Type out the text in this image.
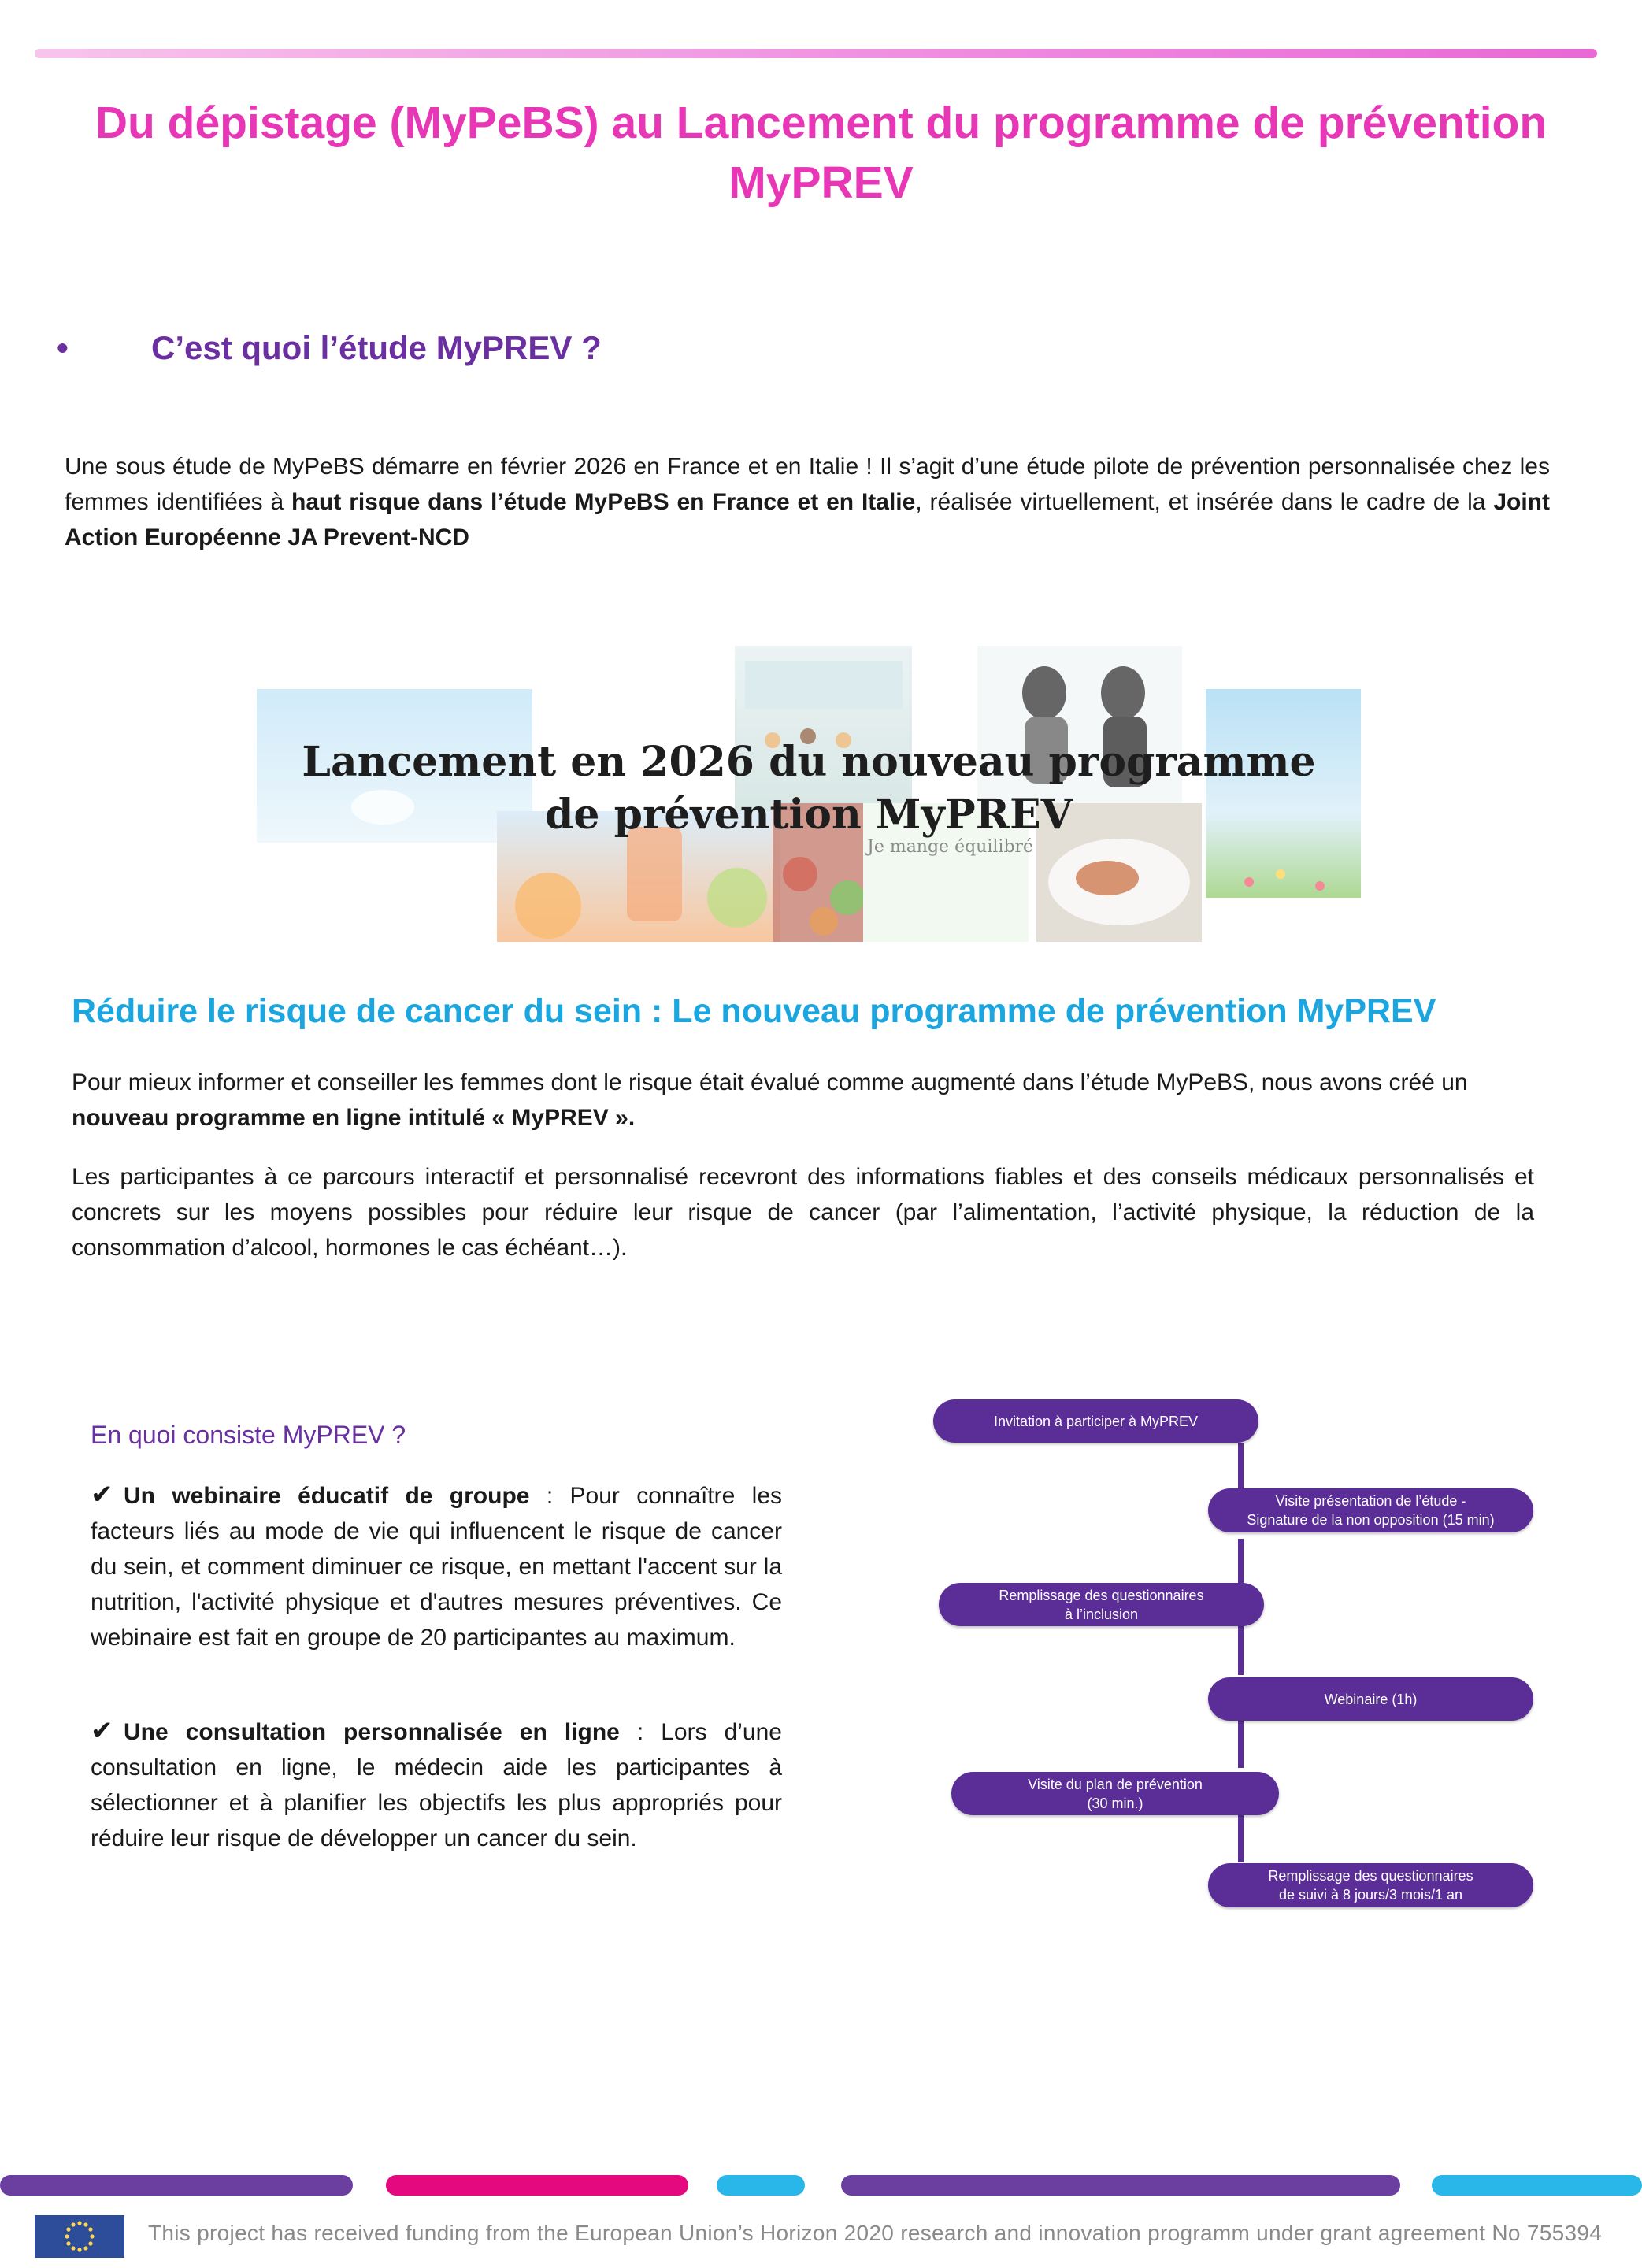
Du dépistage (MyPeBS) au Lancement du programme de prévention MyPREV
•	C’est quoi l’étude MyPREV ?
Une sous étude de MyPeBS démarre en février 2026 en France et en Italie ! Il s’agit d’une étude pilote de prévention personnalisée chez les femmes identifiées à haut risque dans l’étude MyPeBS en France et en Italie, réalisée virtuellement, et insérée dans le cadre de la Joint Action Européenne JA Prevent-NCD
Lancement en 2026 du nouveau programme
de prévention MyPREV
Je mange équilibré
Réduire le risque de cancer du sein : Le nouveau programme de prévention MyPREV
Pour mieux informer et conseiller les femmes dont le risque était évalué comme augmenté dans l’étude MyPeBS, nous avons créé un nouveau programme en ligne intitulé « MyPREV ».
Les participantes à ce parcours interactif et personnalisé recevront des informations fiables et des conseils médicaux personnalisés et concrets sur les moyens possibles pour réduire leur risque de cancer (par l’alimentation, l’activité physique, la réduction de la consommation d’alcool, hormones le cas échéant…).
En quoi consiste MyPREV ?
✔ Un webinaire éducatif de groupe : Pour connaître les facteurs liés au mode de vie qui influencent le risque de cancer du sein, et comment diminuer ce risque, en mettant l'accent sur la nutrition, l'activité physique et d'autres mesures préventives. Ce webinaire est fait en groupe de 20 participantes au maximum.
✔ Une consultation personnalisée en ligne : Lors d’une consultation en ligne, le médecin aide les participantes à sélectionner et à planifier les objectifs les plus appropriés pour réduire leur risque de développer un cancer du sein.
Invitation à participer à MyPREV
Visite présentation de l’étude -
Signature de la non opposition (15 min)
Remplissage des questionnaires
à l’inclusion
Webinaire (1h)
Visite du plan de prévention
(30 min.)
Remplissage des questionnaires
de suivi à 8 jours/3 mois/1 an
This project has received funding from the European Union’s Horizon 2020 research and innovation programm under grant agreement No 755394
